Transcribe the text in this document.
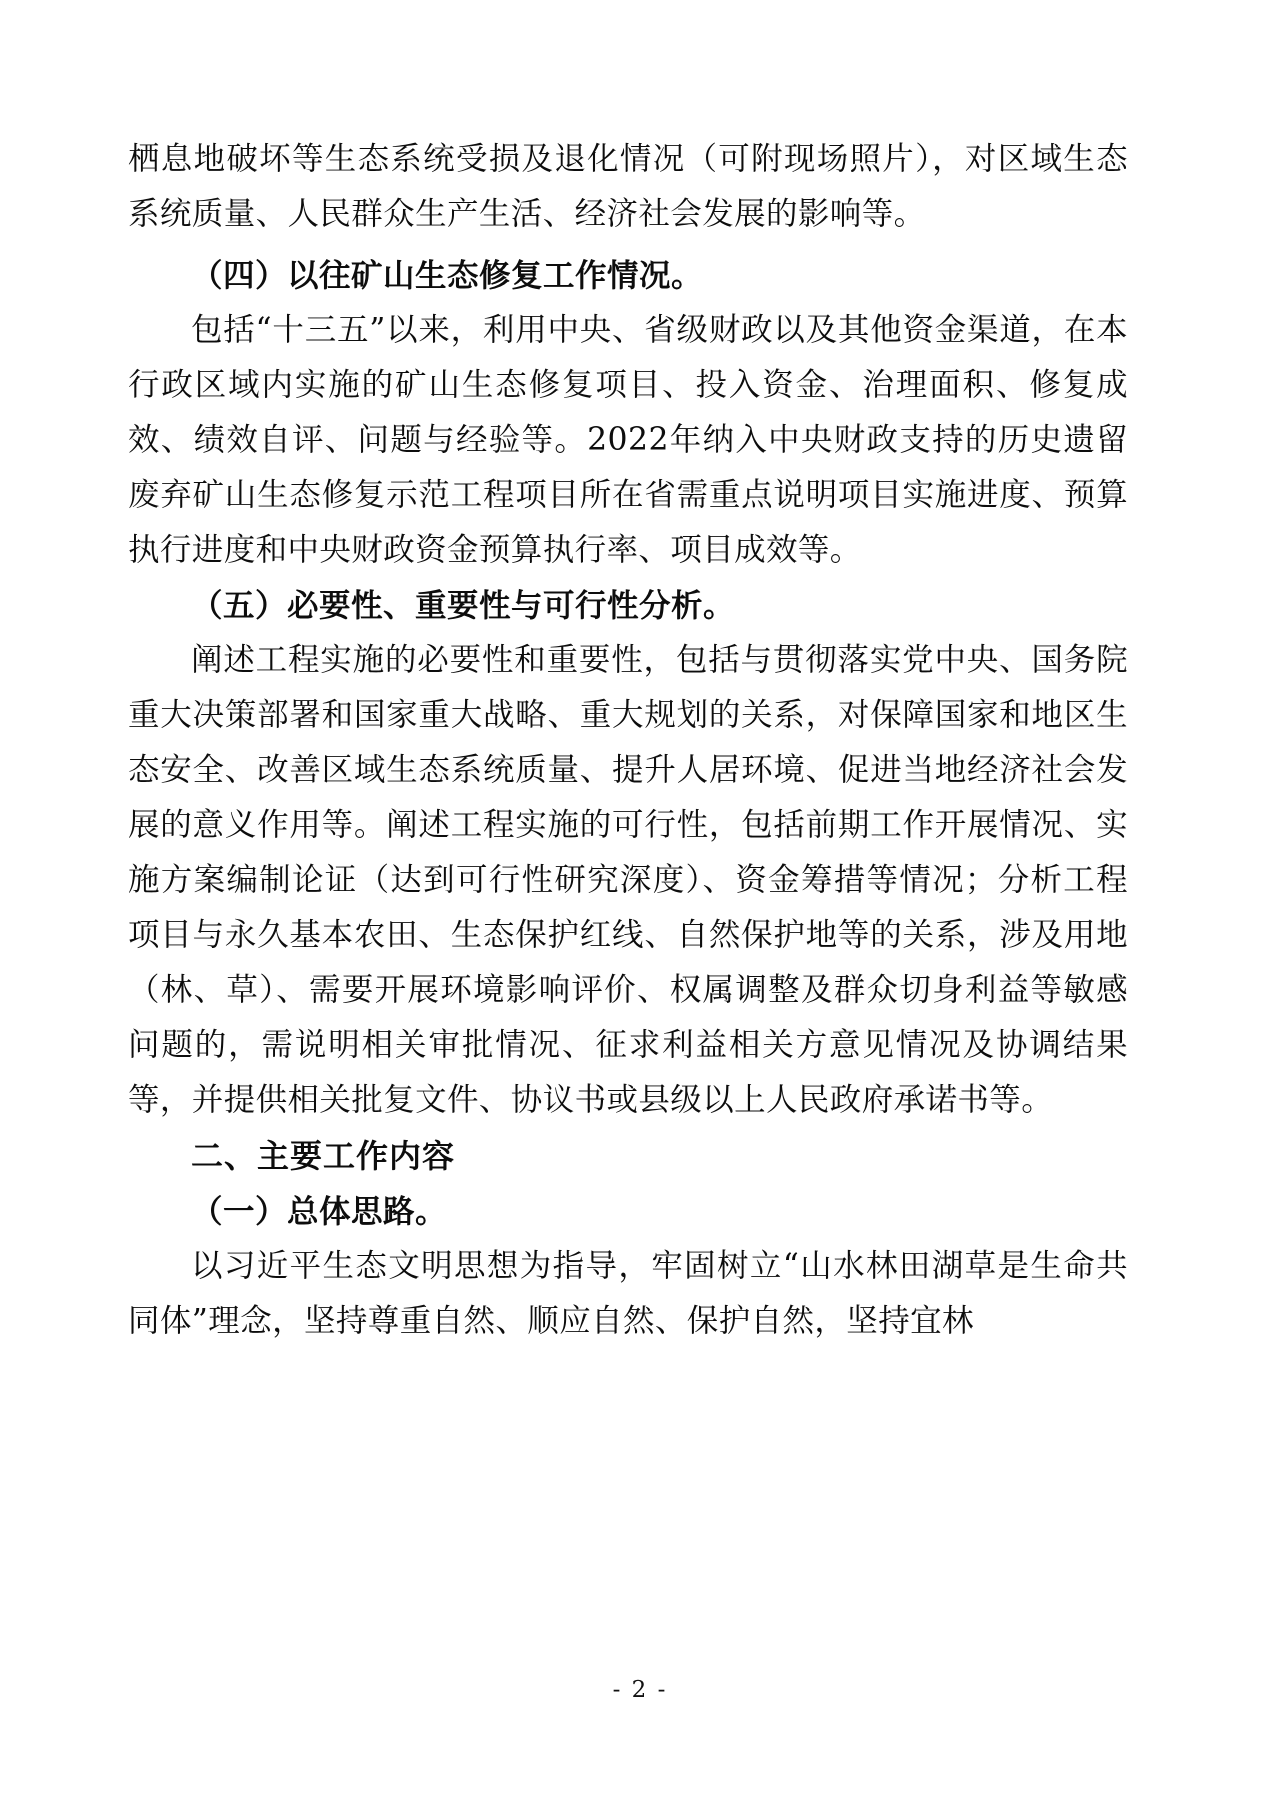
栖息地破坏等生态系统受损及退化情况（可附现场照片），对区域生态系统质量、人民群众生产生活、经济社会发展的影响等。

（四）以往矿山生态修复工作情况。

包括“十三五”以来，利用中央、省级财政以及其他资金渠道，在本行政区域内实施的矿山生态修复项目、投入资金、治理面积、修复成效、绩效自评、问题与经验等。2022年纳入中央财政支持的历史遗留废弃矿山生态修复示范工程项目所在省需重点说明项目实施进度、预算执行进度和中央财政资金预算执行率、项目成效等。

（五）必要性、重要性与可行性分析。

阐述工程实施的必要性和重要性，包括与贯彻落实党中央、国务院重大决策部署和国家重大战略、重大规划的关系，对保障国家和地区生态安全、改善区域生态系统质量、提升人居环境、促进当地经济社会发展的意义作用等。阐述工程实施的可行性，包括前期工作开展情况、实施方案编制论证（达到可行性研究深度）、资金筹措等情况；分析工程项目与永久基本农田、生态保护红线、自然保护地等的关系，涉及用地（林、草）、需要开展环境影响评价、权属调整及群众切身利益等敏感问题的，需说明相关审批情况、征求利益相关方意见情况及协调结果等，并提供相关批复文件、协议书或县级以上人民政府承诺书等。

二、主要工作内容

（一）总体思路。

以习近平生态文明思想为指导，牢固树立“山水林田湖草是生命共同体”理念，坚持尊重自然、顺应自然、保护自然，坚持宜林

- 2 -
